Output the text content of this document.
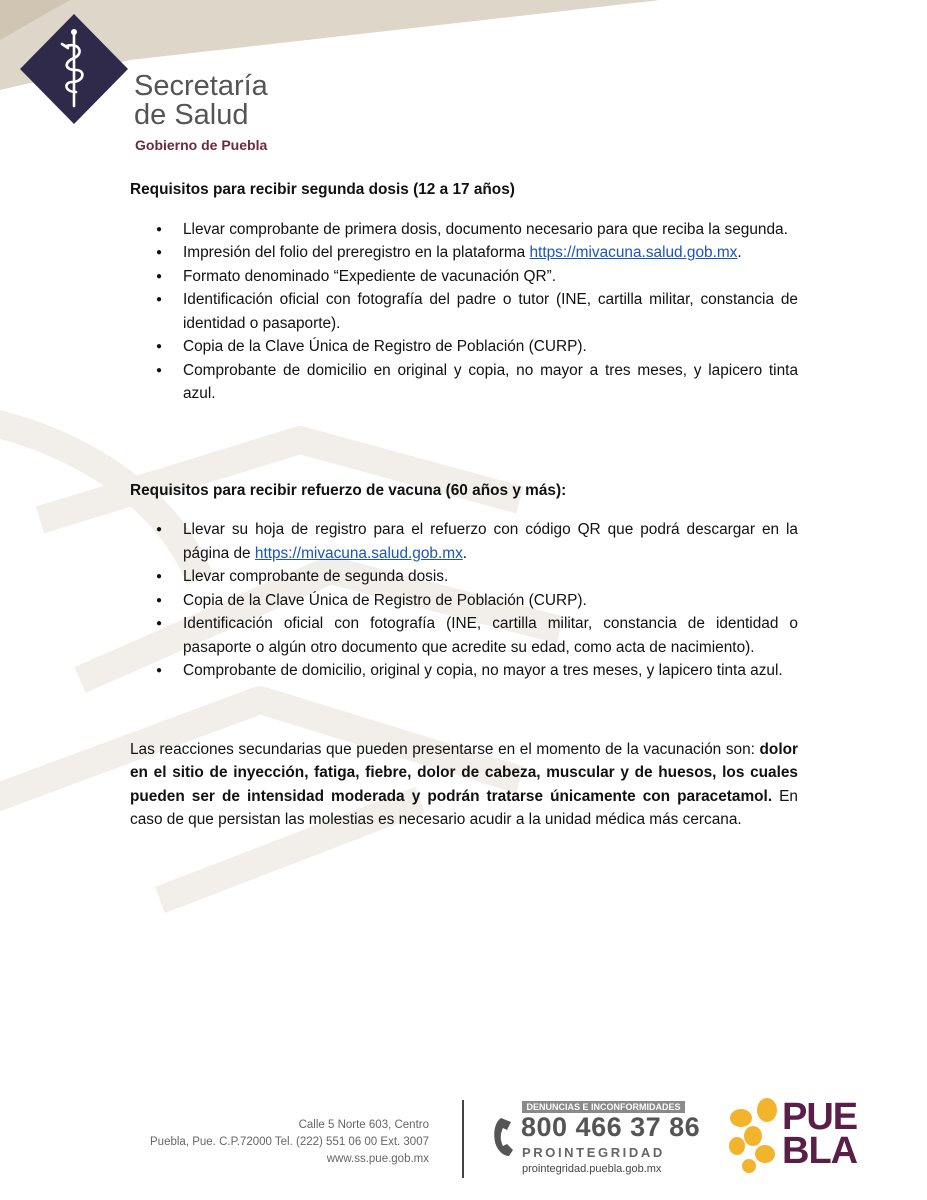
Secretaría
de Salud
Gobierno de Puebla
Requisitos para recibir segunda dosis (12 a 17 años)
● Llevar comprobante de primera dosis, documento necesario para que reciba la segunda.
● Impresión del folio del preregistro en la plataforma https://mivacuna.salud.gob.mx.
● Formato denominado “Expediente de vacunación QR”.
● Identificación oficial con fotografía del padre o tutor (INE, cartilla militar, constancia de identidad o pasaporte).
● Copia de la Clave Única de Registro de Población (CURP).
● Comprobante de domicilio en original y copia, no mayor a tres meses, y lapicero tinta azul.
Requisitos para recibir refuerzo de vacuna (60 años y más):
● Llevar su hoja de registro para el refuerzo con código QR que podrá descargar en la página de https://mivacuna.salud.gob.mx.
● Llevar comprobante de segunda dosis.
● Copia de la Clave Única de Registro de Población (CURP).
● Identificación oficial con fotografía (INE, cartilla militar, constancia de identidad o pasaporte o algún otro documento que acredite su edad, como acta de nacimiento).
● Comprobante de domicilio, original y copia, no mayor a tres meses, y lapicero tinta azul.

Las reacciones secundarias que pueden presentarse en el momento de la vacunación son: dolor en el sitio de inyección, fatiga, fiebre, dolor de cabeza, muscular y de huesos, los cuales pueden ser de intensidad moderada y podrán tratarse únicamente con paracetamol. En caso de que persistan las molestias es necesario acudir a la unidad médica más cercana.

Calle 5 Norte 603, Centro
Puebla, Pue. C.P.72000 Tel. (222) 551 06 00 Ext. 3007
www.ss.pue.gob.mx
DENUNCIAS E INCONFORMIDADES
800 466 37 86
PROINTEGRIDAD
prointegridad.puebla.gob.mx
PUE
BLA
